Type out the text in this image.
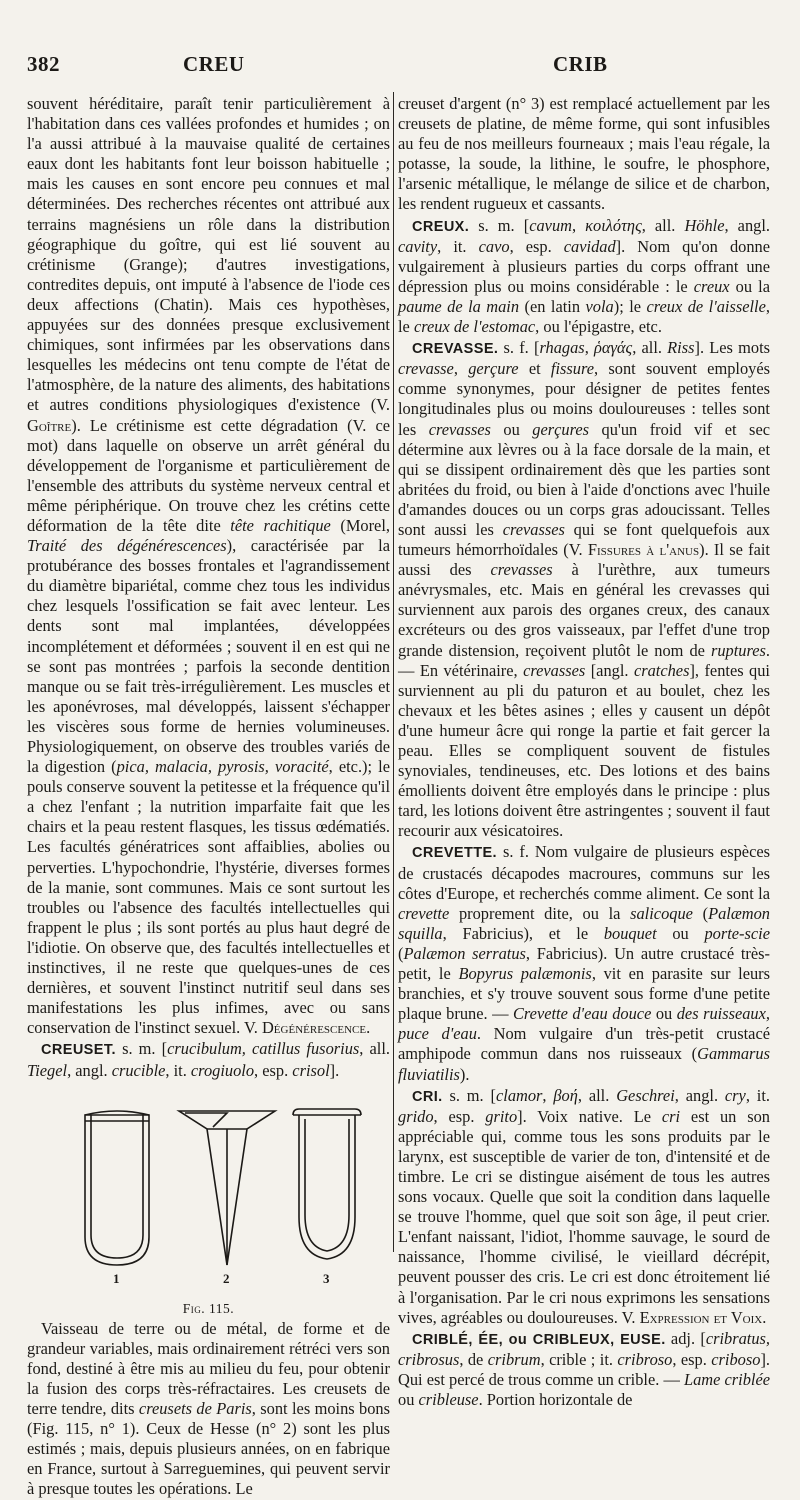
382	CREU	CRIB

souvent héréditaire, paraît tenir particulièrement à l'habitation dans ces vallées profondes et humides ; on l'a aussi attribué à la mauvaise qualité de certaines eaux dont les habitants font leur boisson habituelle ; mais les causes en sont encore peu connues et mal déterminées. Des recherches récentes ont attribué aux terrains magnésiens un rôle dans la distribution géographique du goître, qui est lié souvent au crétinisme (Grange); d'autres investigations, contredites depuis, ont imputé à l'absence de l'iode ces deux affections (Chatin). Mais ces hypothèses, appuyées sur des données presque exclusivement chimiques, sont infirmées par les observations dans lesquelles les médecins ont tenu compte de l'état de l'atmosphère, de la nature des aliments, des habitations et autres conditions physiologiques d'existence (V. Goître). Le crétinisme est cette dégradation (V. ce mot) dans laquelle on observe un arrêt général du développement de l'organisme et particulièrement de l'ensemble des attributs du système nerveux central et même périphérique. On trouve chez les crétins cette déformation de la tête dite tête rachitique (Morel, Traité des dégénérescences), caractérisée par la protubérance des bosses frontales et l'agrandissement du diamètre bipariétal, comme chez tous les individus chez lesquels l'ossification se fait avec lenteur. Les dents sont mal implantées, développées incomplétement et déformées ; souvent il en est qui ne se sont pas montrées ; parfois la seconde dentition manque ou se fait très-irrégulièrement. Les muscles et les aponévroses, mal développés, laissent s'échapper les viscères sous forme de hernies volumineuses. Physiologiquement, on observe des troubles variés de la digestion (pica, malacia, pyrosis, voracité, etc.); le pouls conserve souvent la petitesse et la fréquence qu'il a chez l'enfant ; la nutrition imparfaite fait que les chairs et la peau restent flasques, les tissus œdématiés. Les facultés génératrices sont affaiblies, abolies ou perverties. L'hypochondrie, l'hystérie, diverses formes de la manie, sont communes. Mais ce sont surtout les troubles ou l'absence des facultés intellectuelles qui frappent le plus ; ils sont portés au plus haut degré de l'idiotie. On observe que, des facultés intellectuelles et instinctives, il ne reste que quelques-unes de ces dernières, et souvent l'instinct nutritif seul dans ses manifestations les plus infimes, avec ou sans conservation de l'instinct sexuel. V. Dégénérescence.

CREUSET. s. m. [crucibulum, catillus fusorius, all. Tiegel, angl. crucible, it. crogiuolo, esp. crisol].

1	2	3
Fig. 115.

Vaisseau de terre ou de métal, de forme et de grandeur variables, mais ordinairement rétréci vers son fond, destiné à être mis au milieu du feu, pour obtenir la fusion des corps très-réfractaires. Les creusets de terre tendre, dits creusets de Paris, sont les moins bons (Fig. 115, n° 1). Ceux de Hesse (n° 2) sont les plus estimés ; mais, depuis plusieurs années, on en fabrique en France, surtout à Sarreguemines, qui peuvent servir à presque toutes les opérations. Le

creuset d'argent (n° 3) est remplacé actuellement par les creusets de platine, de même forme, qui sont infusibles au feu de nos meilleurs fourneaux ; mais l'eau régale, la potasse, la soude, la lithine, le soufre, le phosphore, l'arsenic métallique, le mélange de silice et de charbon, les rendent rugueux et cassants.

CREUX. s. m. [cavum, κοιλότης, all. Höhle, angl. cavity, it. cavo, esp. cavidad]. Nom qu'on donne vulgairement à plusieurs parties du corps offrant une dépression plus ou moins considérable : le creux ou la paume de la main (en latin vola); le creux de l'aisselle, le creux de l'estomac, ou l'épigastre, etc.

CREVASSE. s. f. [rhagas, ῥαγάς, all. Riss]. Les mots crevasse, gerçure et fissure, sont souvent employés comme synonymes, pour désigner de petites fentes longitudinales plus ou moins douloureuses : telles sont les crevasses ou gerçures qu'un froid vif et sec détermine aux lèvres ou à la face dorsale de la main, et qui se dissipent ordinairement dès que les parties sont abritées du froid, ou bien à l'aide d'onctions avec l'huile d'amandes douces ou un corps gras adoucissant. Telles sont aussi les crevasses qui se font quelquefois aux tumeurs hémorrhoïdales (V. Fissures à l'anus). Il se fait aussi des crevasses à l'urèthre, aux tumeurs anévrysmales, etc. Mais en général les crevasses qui surviennent aux parois des organes creux, des canaux excréteurs ou des gros vaisseaux, par l'effet d'une trop grande distension, reçoivent plutôt le nom de ruptures. — En vétérinaire, crevasses [angl. cratches], fentes qui surviennent au pli du paturon et au boulet, chez les chevaux et les bêtes asines ; elles y causent un dépôt d'une humeur âcre qui ronge la partie et fait gercer la peau. Elles se compliquent souvent de fistules synoviales, tendineuses, etc. Des lotions et des bains émollients doivent être employés dans le principe : plus tard, les lotions doivent être astringentes ; souvent il faut recourir aux vésicatoires.

CREVETTE. s. f. Nom vulgaire de plusieurs espèces de crustacés décapodes macroures, communs sur les côtes d'Europe, et recherchés comme aliment. Ce sont la crevette proprement dite, ou la salicoque (Palæmon squilla, Fabricius), et le bouquet ou porte-scie (Palæmon serratus, Fabricius). Un autre crustacé très-petit, le Bopyrus palæmonis, vit en parasite sur leurs branchies, et s'y trouve souvent sous forme d'une petite plaque brune. — Crevette d'eau douce ou des ruisseaux, puce d'eau. Nom vulgaire d'un très-petit crustacé amphipode commun dans nos ruisseaux (Gammarus fluviatilis).

CRI. s. m. [clamor, βοή, all. Geschrei, angl. cry, it. grido, esp. grito]. Voix native. Le cri est un son appréciable qui, comme tous les sons produits par le larynx, est susceptible de varier de ton, d'intensité et de timbre. Le cri se distingue aisément de tous les autres sons vocaux. Quelle que soit la condition dans laquelle se trouve l'homme, quel que soit son âge, il peut crier. L'enfant naissant, l'idiot, l'homme sauvage, le sourd de naissance, l'homme civilisé, le vieillard décrépit, peuvent pousser des cris. Le cri est donc étroitement lié à l'organisation. Par le cri nous exprimons les sensations vives, agréables ou douloureuses. V. Expression et Voix.

CRIBLÉ, ÉE, ou CRIBLEUX, EUSE. adj. [cribratus, cribrosus, de cribrum, crible ; it. cribroso, esp. criboso]. Qui est percé de trous comme un crible. — Lame criblée ou cribleuse. Portion horizontale de
